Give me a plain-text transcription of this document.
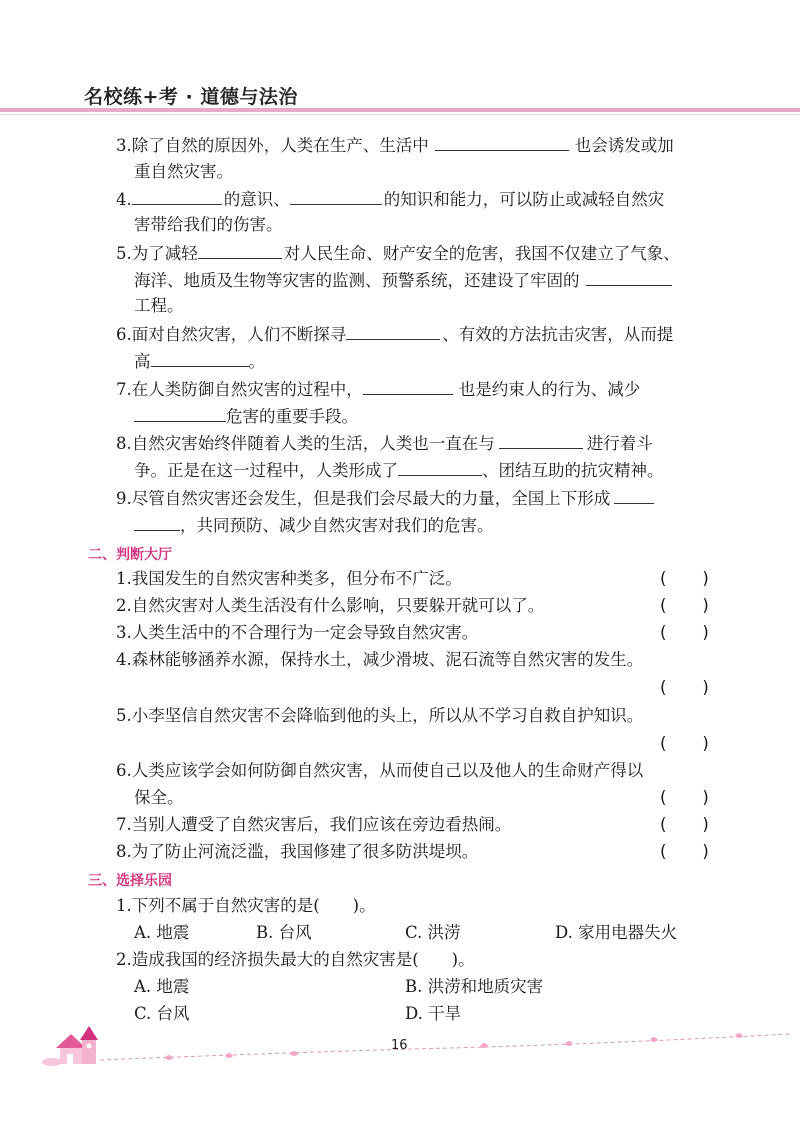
名校练+考 · 道德与法治
3.除了自然的原因外，人类在生产、生活中	也会诱发或加
重自然灾害。
4.	的意识、	的知识和能力，可以防止或减轻自然灾
害带给我们的伤害。
5.为了减轻	对人民生命、财产安全的危害，我国不仅建立了气象、
海洋、地质及生物等灾害的监测、预警系统，还建设了牢固的
工程。
6.面对自然灾害，人们不断探寻	、有效的方法抗击灾害，从而提
高	。
7.在人类防御自然灾害的过程中，	也是约束人的行为、减少
危害的重要手段。
8.自然灾害始终伴随着人类的生活，人类也一直在与	进行着斗
争。正是在这一过程中，人类形成了	、团结互助的抗灾精神。
9.尽管自然灾害还会发生，但是我们会尽最大的力量，全国上下形成
，共同预防、减少自然灾害对我们的危害。
二、判断大厅
1.我国发生的自然灾害种类多，但分布不广泛。	(　　)
2.自然灾害对人类生活没有什么影响，只要躲开就可以了。	(　　)
3.人类生活中的不合理行为一定会导致自然灾害。	(　　)
4.森林能够涵养水源，保持水土，减少滑坡、泥石流等自然灾害的发生。
(　　)
5.小李坚信自然灾害不会降临到他的头上，所以从不学习自救自护知识。
(　　)
6.人类应该学会如何防御自然灾害，从而使自己以及他人的生命财产得以
保全。	(　　)
7.当别人遭受了自然灾害后，我们应该在旁边看热闹。	(　　)
8.为了防止河流泛滥，我国修建了很多防洪堤坝。	(　　)
三、选择乐园
1.下列不属于自然灾害的是(　　)。
A. 地震	B. 台风	C. 洪涝	D. 家用电器失火
2.造成我国的经济损失最大的自然灾害是(　　)。
A. 地震	B. 洪涝和地质灾害
C. 台风	D. 干旱
16
